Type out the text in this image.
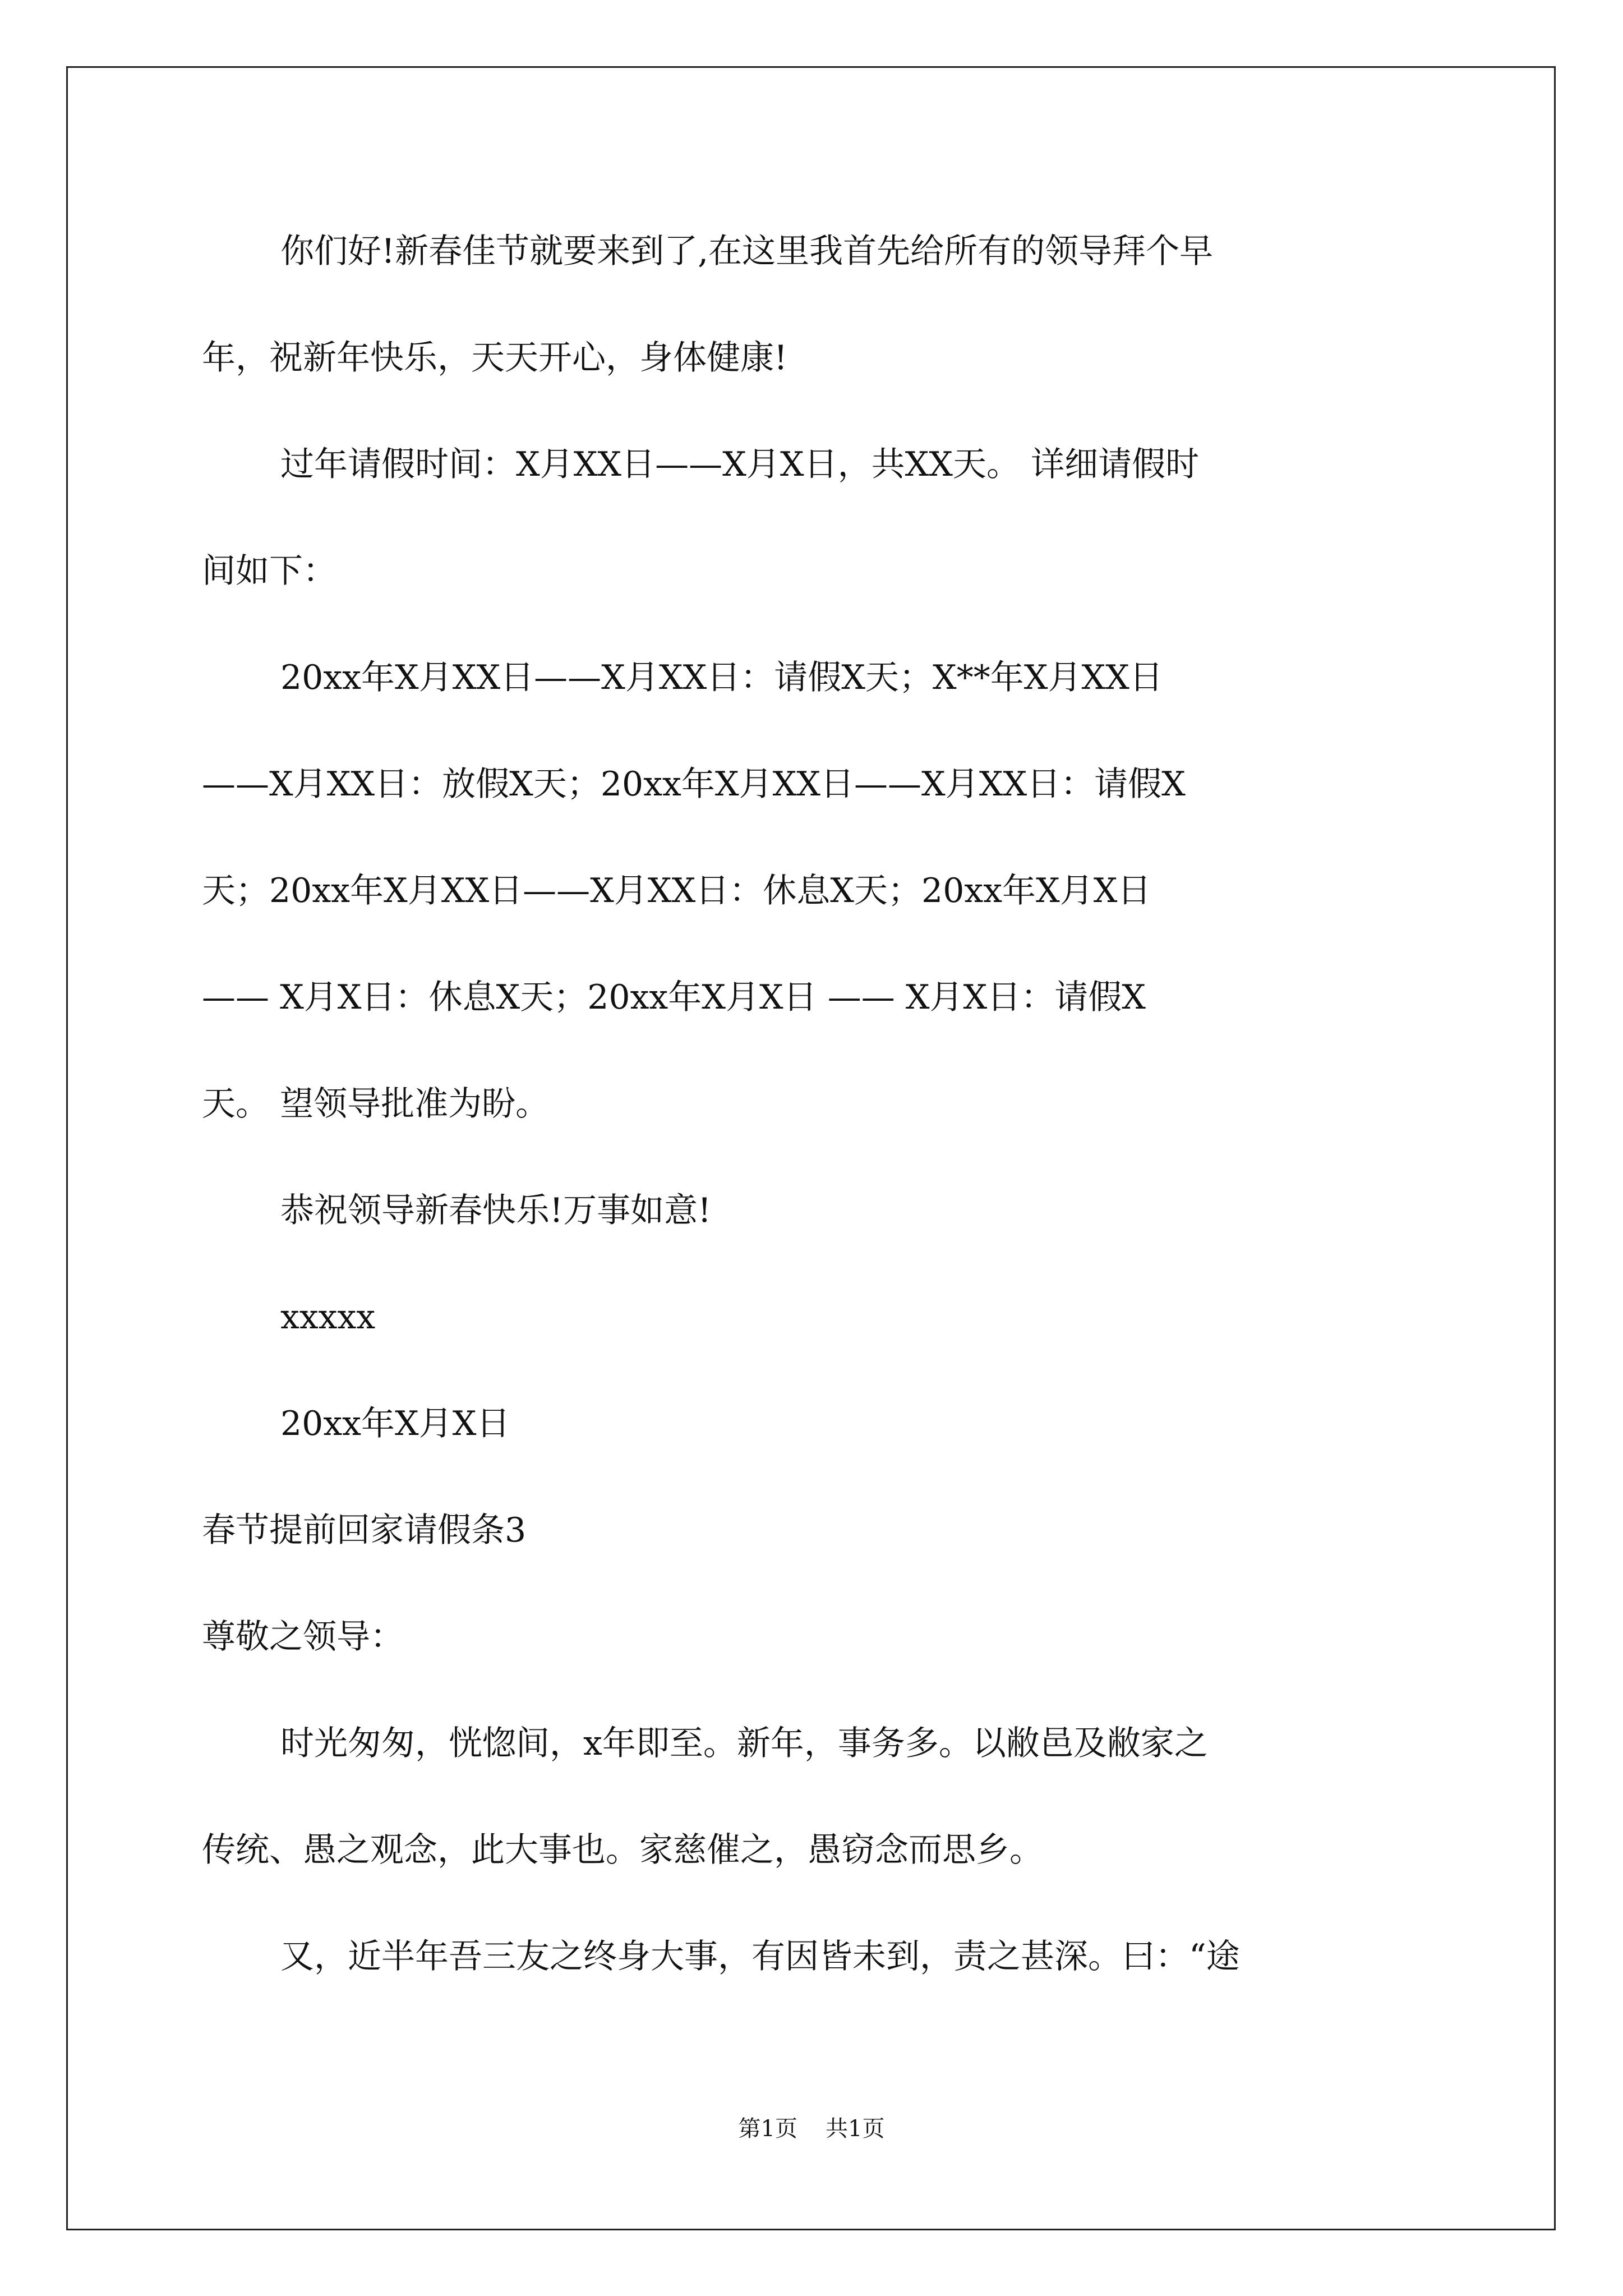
你们好!新春佳节就要来到了,在这里我首先给所有的领导拜个早
年，祝新年快乐，天天开心，身体健康!
过年请假时间：X月XX日——X月X日，共XX天。 详细请假时
间如下：
20xx年X月XX日——X月XX日：请假X天；X**年X月XX日
——X月XX日：放假X天；20xx年X月XX日——X月XX日：请假X
天；20xx年X月XX日——X月XX日：休息X天；20xx年X月X日
—— X月X日：休息X天；20xx年X月X日 —— X月X日：请假X
天。 望领导批准为盼。
恭祝领导新春快乐!万事如意!
xxxxx
20xx年X月X日
春节提前回家请假条3
尊敬之领导：
时光匆匆，恍惚间，x年即至。新年，事务多。以敝邑及敝家之
传统、愚之观念，此大事也。家慈催之，愚窃念而思乡。
又，近半年吾三友之终身大事，有因皆未到，责之甚深。曰：“途
第1页 共1页
